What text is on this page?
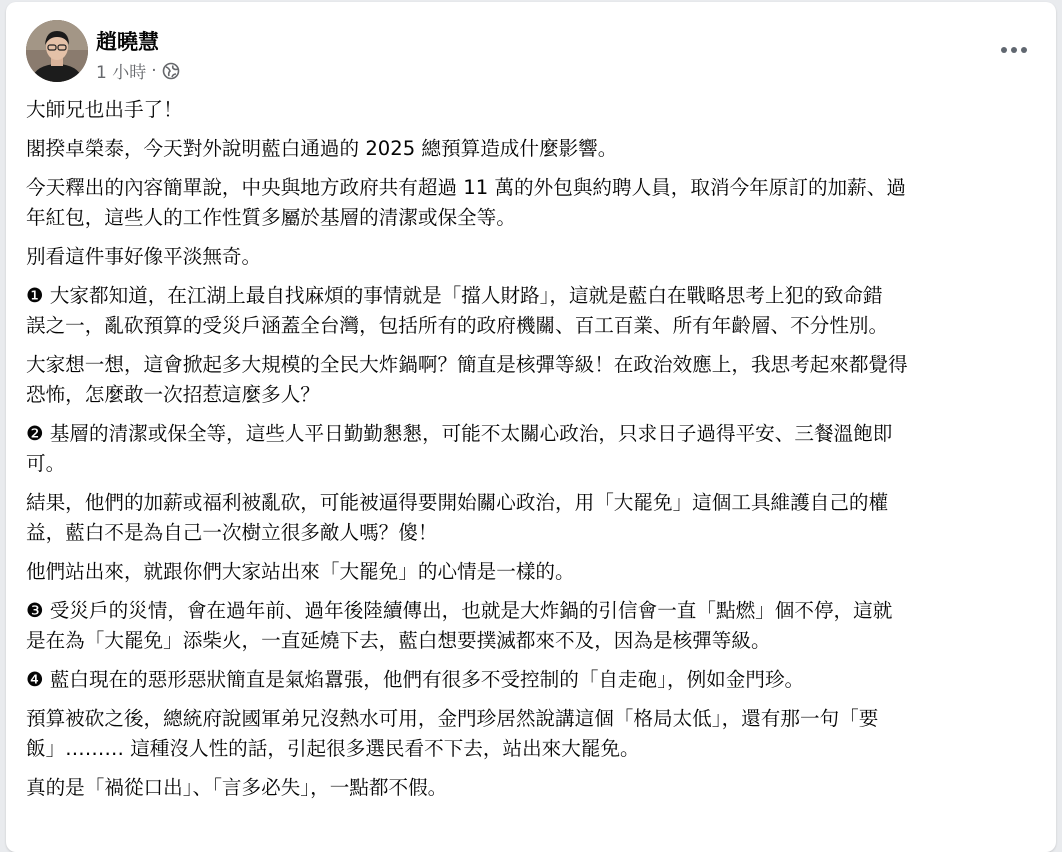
趙曉慧
1 小時 ·

大師兄也出手了！

閣揆卓榮泰，今天對外說明藍白通過的 2025 總預算造成什麼影響。

今天釋出的內容簡單說，中央與地方政府共有超過 11 萬的外包與約聘人員，取消今年原訂的加薪、過
年紅包，這些人的工作性質多屬於基層的清潔或保全等。

別看這件事好像平淡無奇。

❶ 大家都知道，在江湖上最自找麻煩的事情就是「擋人財路」，這就是藍白在戰略思考上犯的致命錯
誤之一，亂砍預算的受災戶涵蓋全台灣，包括所有的政府機關、百工百業、所有年齡層、不分性別。

大家想一想，這會掀起多大規模的全民大炸鍋啊？簡直是核彈等級！在政治效應上，我思考起來都覺得
恐怖，怎麼敢一次招惹這麼多人？

❷ 基層的清潔或保全等，這些人平日勤勤懇懇，可能不太關心政治，只求日子過得平安、三餐溫飽即
可。

結果，他們的加薪或福利被亂砍，可能被逼得要開始關心政治，用「大罷免」這個工具維護自己的權
益，藍白不是為自己一次樹立很多敵人嗎？傻！

他們站出來，就跟你們大家站出來「大罷免」的心情是一樣的。

❸ 受災戶的災情，會在過年前、過年後陸續傳出，也就是大炸鍋的引信會一直「點燃」個不停，這就
是在為「大罷免」添柴火，一直延燒下去，藍白想要撲滅都來不及，因為是核彈等級。

❹ 藍白現在的惡形惡狀簡直是氣焰囂張，他們有很多不受控制的「自走砲」，例如金門珍。

預算被砍之後，總統府說國軍弟兄沒熱水可用，金門珍居然說講這個「格局太低」，還有那一句「要
飯」……… 這種沒人性的話，引起很多選民看不下去，站出來大罷免。

真的是「禍從口出」、「言多必失」，一點都不假。
